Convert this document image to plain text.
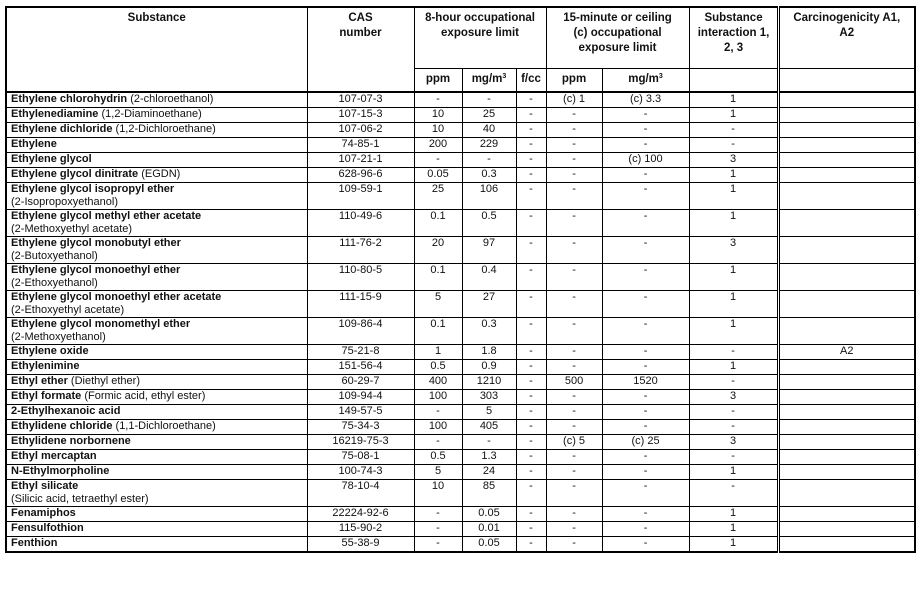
Substance	CAS number	8-hour occupational exposure limit			15-minute or ceiling (c) occupational exposure limit		Substance interaction 1, 2, 3	Carcinogenicity A1, A2

		ppm	$mg/m^3$	f/cc	ppm	$mg/m^3$		
Ethylene chlorohydrin (2-chloroethanol)	107-07-3	-	-	-	(c) 1	(c) 3.3	1	
Ethylenediamine (1,2-Diaminoethane)	107-15-3	10	25	-	-	-	1	
Ethylene dichloride (1,2-Dichloroethane)	107-06-2	10	40	-	-	-	-	
Ethylene	74-85-1	200	229	-	-	-	-	
Ethylene glycol	107-21-1	-	-	-	-	(c) 100	3	
Ethylene glycol dinitrate (EGDN)	628-96-6	0.05	0.3	-	-	-	1	
Ethylene glycol isopropyl ether
(2-Isopropoxyethanol)	109-59-1	25	106	-	-	-	1	
Ethylene glycol methyl ether acetate
(2-Methoxyethyl acetate)	110-49-6	0.1	0.5	-	-	-	1	
Ethylene glycol monobutyl ether
(2-Butoxyethanol)	111-76-2	20	97	-	-	-	3	
Ethylene glycol monoethyl ether
(2-Ethoxyethanol)	110-80-5	0.1	0.4	-	-	-	1	
Ethylene glycol monoethyl ether acetate
(2-Ethoxyethyl acetate)	111-15-9	5	27	-	-	-	1	
Ethylene glycol monomethyl ether
(2-Methoxyethanol)	109-86-4	0.1	0.3	-	-	-	1	
Ethylene oxide	75-21-8	1	1.8	-	-	-	-	A2
Ethylenimine	151-56-4	0.5	0.9	-	-	-	1	
Ethyl ether (Diethyl ether)	60-29-7	400	1210	-	500	1520	-	
Ethyl formate (Formic acid, ethyl ester)	109-94-4	100	303	-	-	-	3	
2-Ethylhexanoic acid	149-57-5	-	5	-	-	-	-	
Ethylidene chloride (1,1-Dichloroethane)	75-34-3	100	405	-	-	-	-	
Ethylidene norbornene	16219-75-3	-	-	-	(c) 5	(c) 25	3	
Ethyl mercaptan	75-08-1	0.5	1.3	-	-	-	-	
N-Ethylmorpholine	100-74-3	5	24	-	-	-	1	
Ethyl silicate
(Silicic acid, tetraethyl ester)	78-10-4	10	85	-	-	-	-	
Fenamiphos	22224-92-6	-	0.05	-	-	-	1	
Fensulfothion	115-90-2	-	0.01	-	-	-	1	
Fenthion	55-38-9	-	0.05	-	-	-	1	
